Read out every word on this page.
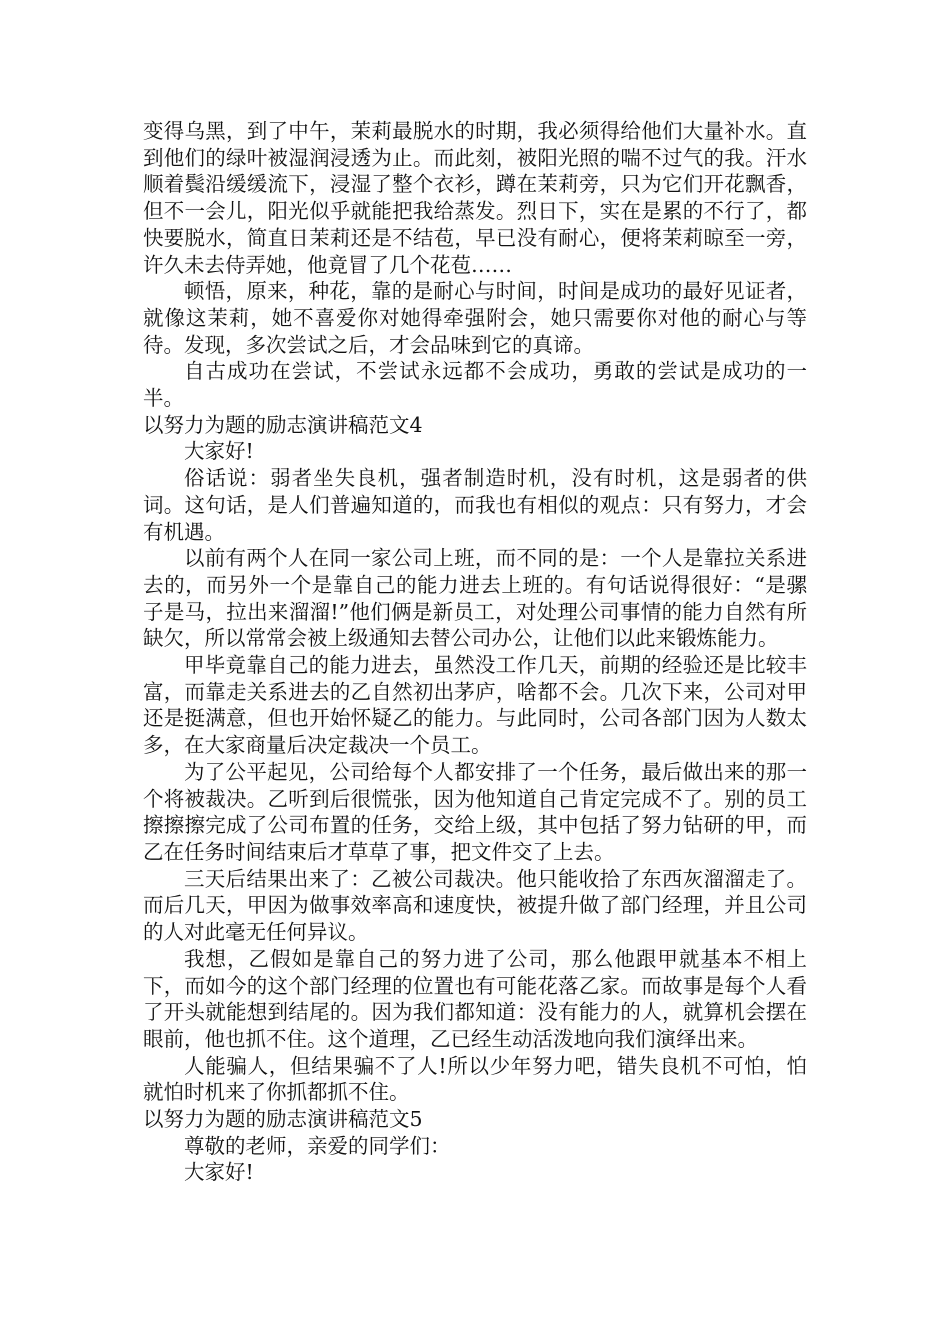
变得乌黑，到了中午，茉莉最脱水的时期，我必须得给他们大量补水。直到他们的绿叶被湿润浸透为止。而此刻，被阳光照的喘不过气的我。汗水顺着鬓沿缓缓流下，浸湿了整个衣衫，蹲在茉莉旁，只为它们开花飘香，但不一会儿，阳光似乎就能把我给蒸发。烈日下，实在是累的不行了，都快要脱水，简直日茉莉还是不结苞，早已没有耐心，便将茉莉晾至一旁，许久未去侍弄她，他竟冒了几个花苞……

顿悟，原来，种花，靠的是耐心与时间，时间是成功的最好见证者，就像这茉莉，她不喜爱你对她得牵强附会，她只需要你对他的耐心与等待。发现，多次尝试之后，才会品味到它的真谛。

自古成功在尝试，不尝试永远都不会成功，勇敢的尝试是成功的一半。

以努力为题的励志演讲稿范文4

大家好!

俗话说：弱者坐失良机，强者制造时机，没有时机，这是弱者的供词。这句话，是人们普遍知道的，而我也有相似的观点：只有努力，才会有机遇。

以前有两个人在同一家公司上班，而不同的是：一个人是靠拉关系进去的，而另外一个是靠自己的能力进去上班的。有句话说得很好：“是骡子是马，拉出来溜溜!”他们俩是新员工，对处理公司事情的能力自然有所缺欠，所以常常会被上级通知去替公司办公，让他们以此来锻炼能力。

甲毕竟靠自己的能力进去，虽然没工作几天，前期的经验还是比较丰富，而靠走关系进去的乙自然初出茅庐，啥都不会。几次下来，公司对甲还是挺满意，但也开始怀疑乙的能力。与此同时，公司各部门因为人数太多，在大家商量后决定裁决一个员工。

为了公平起见，公司给每个人都安排了一个任务，最后做出来的那一个将被裁决。乙听到后很慌张，因为他知道自己肯定完成不了。别的员工擦擦擦完成了公司布置的任务，交给上级，其中包括了努力钻研的甲，而乙在任务时间结束后才草草了事，把文件交了上去。

三天后结果出来了：乙被公司裁决。他只能收拾了东西灰溜溜走了。而后几天，甲因为做事效率高和速度快，被提升做了部门经理，并且公司的人对此毫无任何异议。

我想，乙假如是靠自己的努力进了公司，那么他跟甲就基本不相上下，而如今的这个部门经理的位置也有可能花落乙家。而故事是每个人看了开头就能想到结尾的。因为我们都知道：没有能力的人，就算机会摆在眼前，他也抓不住。这个道理，乙已经生动活泼地向我们演绎出来。

人能骗人，但结果骗不了人!所以少年努力吧，错失良机不可怕，怕就怕时机来了你抓都抓不住。

以努力为题的励志演讲稿范文5

尊敬的老师，亲爱的同学们：

大家好!
